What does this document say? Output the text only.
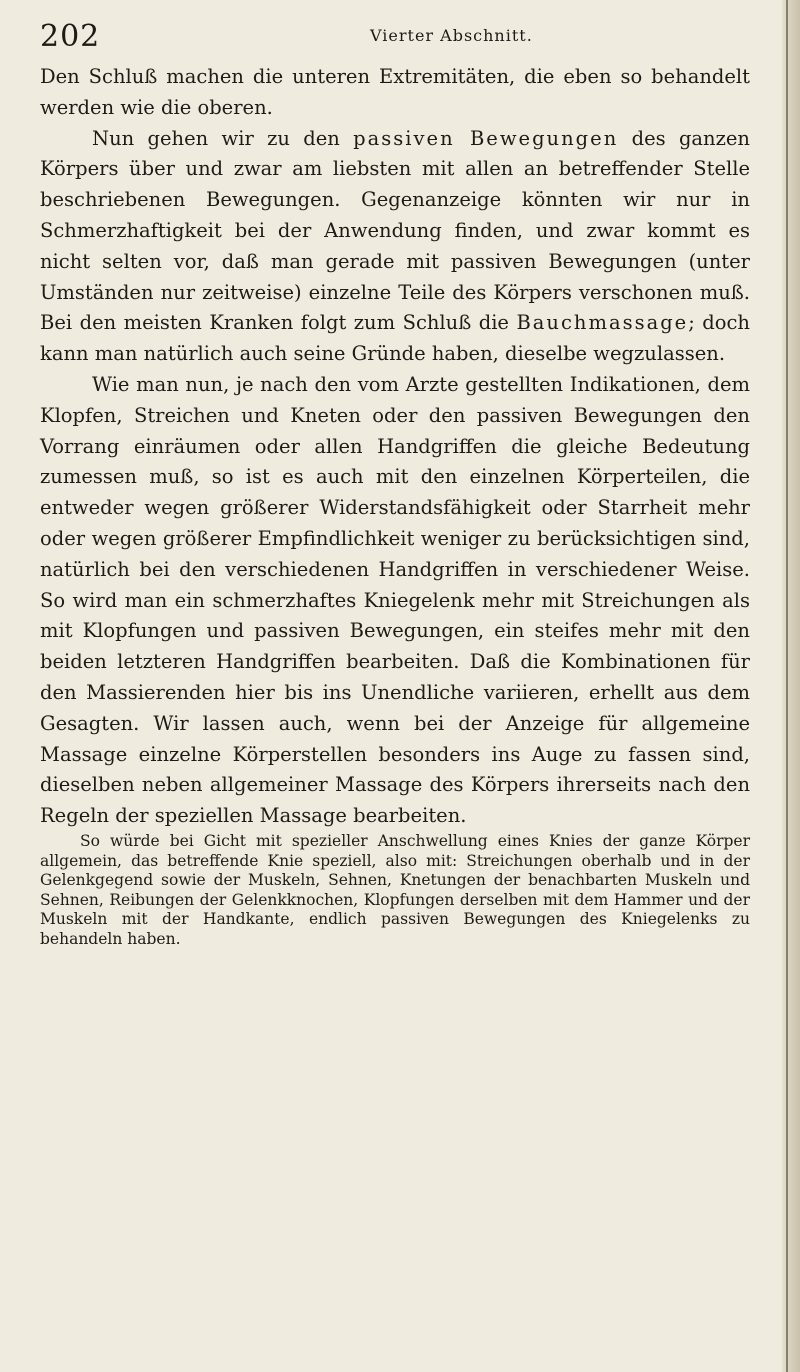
202	Vierter Abschnitt.

Den Schluß machen die unteren Extremitäten, die eben so behandelt werden wie die oberen.

Nun gehen wir zu den passiven Bewegungen des ganzen Körpers über und zwar am liebsten mit allen an betreffender Stelle beschriebenen Bewegungen. Gegenanzeige könnten wir nur in Schmerzhaftigkeit bei der Anwendung finden, und zwar kommt es nicht selten vor, daß man gerade mit passiven Bewegungen (unter Umständen nur zeitweise) einzelne Teile des Körpers verschonen muß. Bei den meisten Kranken folgt zum Schluß die Bauchmassage; doch kann man natürlich auch seine Gründe haben, dieselbe wegzulassen.

Wie man nun, je nach den vom Arzte gestellten Indikationen, dem Klopfen, Streichen und Kneten oder den passiven Bewegungen den Vorrang einräumen oder allen Handgriffen die gleiche Bedeutung zumessen muß, so ist es auch mit den einzelnen Körperteilen, die entweder wegen größerer Widerstandsfähigkeit oder Starrheit mehr oder wegen größerer Empfindlichkeit weniger zu berücksichtigen sind, natürlich bei den verschiedenen Handgriffen in verschiedener Weise. So wird man ein schmerzhaftes Kniegelenk mehr mit Streichungen als mit Klopfungen und passiven Bewegungen, ein steifes mehr mit den beiden letzteren Handgriffen bearbeiten. Daß die Kombinationen für den Massierenden hier bis ins Unendliche variieren, erhellt aus dem Gesagten. Wir lassen auch, wenn bei der Anzeige für allgemeine Massage einzelne Körperstellen besonders ins Auge zu fassen sind, dieselben neben allgemeiner Massage des Körpers ihrerseits nach den Regeln der speziellen Massage bearbeiten.

So würde bei Gicht mit spezieller Anschwellung eines Knies der ganze Körper allgemein, das betreffende Knie speziell, also mit: Streichungen oberhalb und in der Gelenkgegend sowie der Muskeln, Sehnen, Knetungen der benachbarten Muskeln und Sehnen, Reibungen der Gelenkknochen, Klopfungen derselben mit dem Hammer und der Muskeln mit der Handkante, endlich passiven Bewegungen des Kniegelenks zu behandeln haben.
